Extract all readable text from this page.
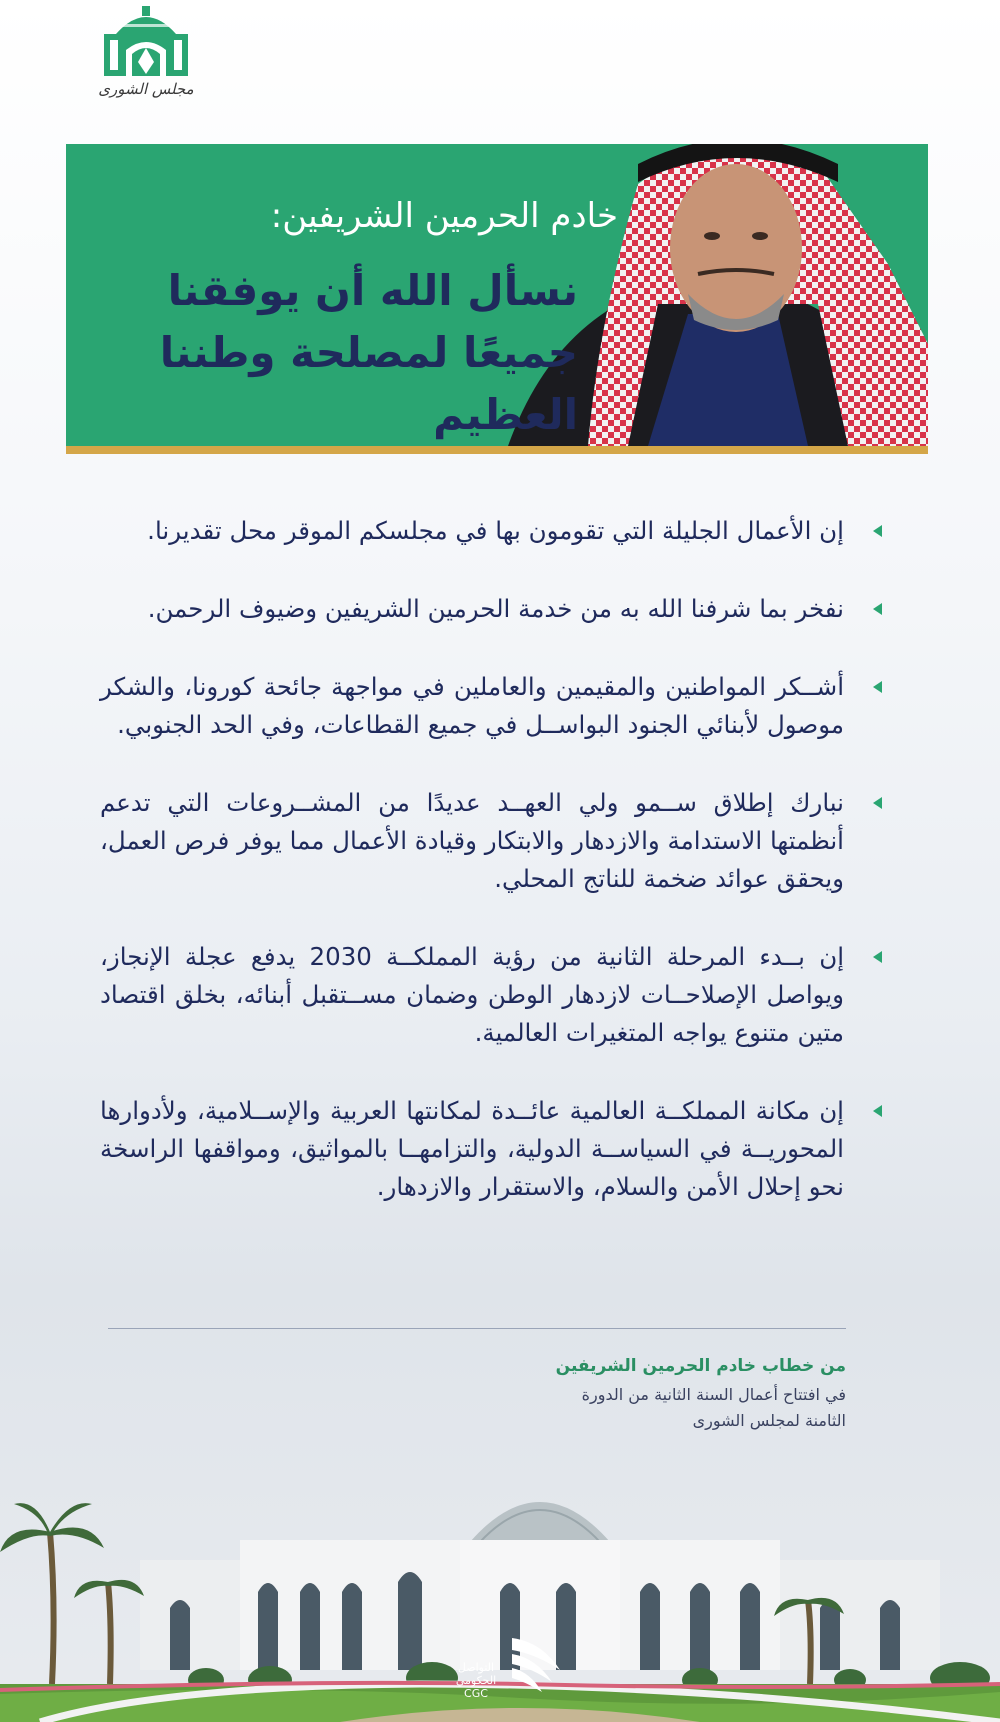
مجلس الشورى
خادم الحرمين الشريفين:
نسأل الله أن يوفقنا جميعًا لمصلحة وطننا العظيم
إن الأعمال الجليلة التي تقومون بها في مجلسكم الموقر محل تقديرنا.
نفخر بما شرفنا الله به من خدمة الحرمين الشريفين وضيوف الرحمن.
أشــكر المواطنين والمقيمين والعاملين في مواجهة جائحة كورونا، والشكر موصول لأبنائي الجنود البواســل في جميع القطاعات، وفي الحد الجنوبي.
نبارك إطلاق ســمو ولي العهــد عديدًا من المشــروعات التي تدعم أنظمتها الاستدامة والازدهار والابتكار وقيادة الأعمال مما يوفر فرص العمل، ويحقق عوائد ضخمة للناتج المحلي.
إن بــدء المرحلة الثانية من رؤية المملكــة 2030 يدفع عجلة الإنجاز، ويواصل الإصلاحــات لازدهار الوطن وضمان مســتقبل أبنائه، بخلق اقتصاد متين متنوع يواجه المتغيرات العالمية.
إن مكانة المملكــة العالمية عائــدة لمكانتها العربية والإســلامية، ولأدوارها المحوريــة في السياســة الدولية، والتزامهــا بالمواثيق، ومواقفها الراسخة نحو إحلال الأمن والسلام، والاستقرار والازدهار.
من خطاب خادم الحرمين الشريفين
في افتتاح أعمال السنة الثانية من الدورة
الثامنة لمجلس الشورى
التواصل
الحكومي
CGC
